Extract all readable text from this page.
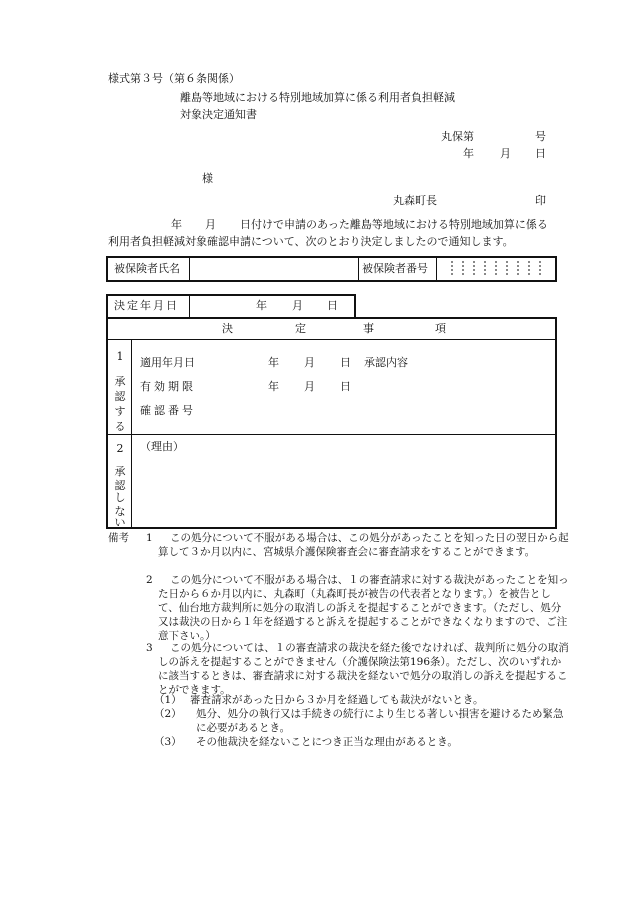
様式第３号（第６条関係）
離島等地域における特別地域加算に係る利用者負担軽減
対象決定通知書
丸保第	号
年 月 日
様
丸森町長	印
年 月 日付けで申請のあった離島等地域における特別地域加算に係る
利用者負担軽減対象確認申請について、次のとおり決定しましたので通知します。
被保険者氏名	被保険者番号
決定年月日	年 月 日
決	定	事	項
1
承
認
す
る
適用年月日	年 月 日 承認内容
有効期限	年 月 日
確認番号
2
承
認
し
な
い
（理由）
備考 1	この処分について不服がある場合は、この処分があったことを知った日の翌日から起算して３か月以内に、宮城県介護保険審査会に審査請求をすることができます。
2	この処分について不服がある場合は、１の審査請求に対する裁決があったことを知った日から６か月以内に、丸森町（丸森町長が被告の代表者となります。）を被告として、仙台地方裁判所に処分の取消しの訴えを提起することができます。（ただし、処分又は裁決の日から１年を経過すると訴えを提起することができなくなりますので、ご注意下さい。）
3	この処分については、１の審査請求の裁決を経た後でなければ、裁判所に処分の取消しの訴えを提起することができません（介護保険法第196条）。ただし、次のいずれかに該当するときは、審査請求に対する裁決を経ないで処分の取消しの訴えを提起することができます。
（1） 審査請求があった日から３か月を経過しても裁決がないとき。
（2） 処分、処分の執行又は手続きの続行により生じる著しい損害を避けるため緊急に必要があるとき。
（3） その他裁決を経ないことにつき正当な理由があるとき。
